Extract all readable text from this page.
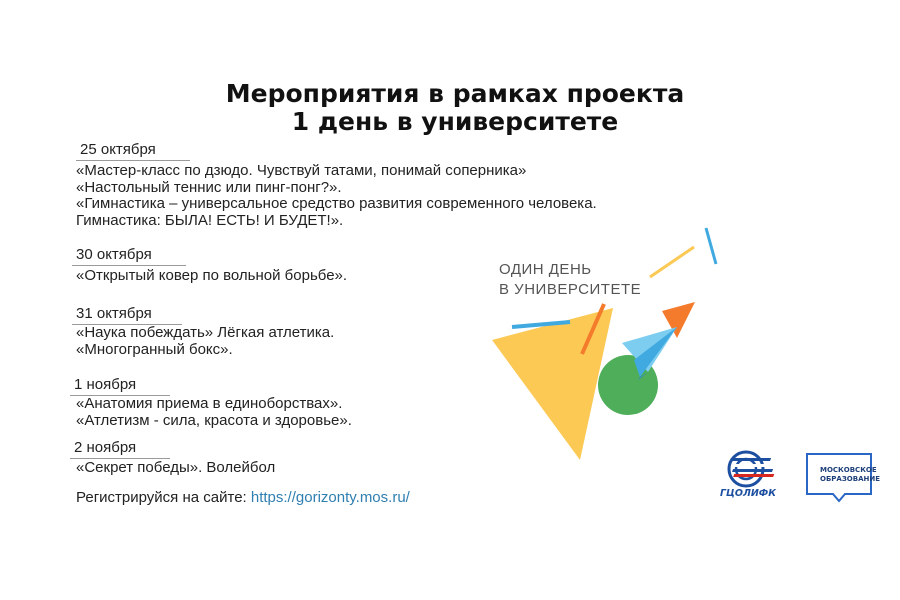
Мероприятия в рамках проекта
1 день в университете
25 октября
«Мастер-класс по дзюдо. Чувствуй татами, понимай соперника»
«Настольный теннис или пинг-понг?».
«Гимнастика – универсальное средство развития современного человека.
Гимнастика: БЫЛА! ЕСТЬ! И БУДЕТ!».
30 октября
«Открытый ковер по вольной борьбе».
31 октября
«Наука побеждать» Лёгкая атлетика.
«Многогранный бокс».
1 ноября
«Анатомия приема в единоборствах».
«Атлетизм - сила, красота и здоровье».
2 ноября
«Секрет победы». Волейбол
Регистрируйся на сайте: https://gorizonty.mos.ru/
ОДИН ДЕНЬ
В УНИВЕРСИТЕТЕ
ГЦОЛИФК
МОСКОВСКОЕ
ОБРАЗОВАНИЕ
